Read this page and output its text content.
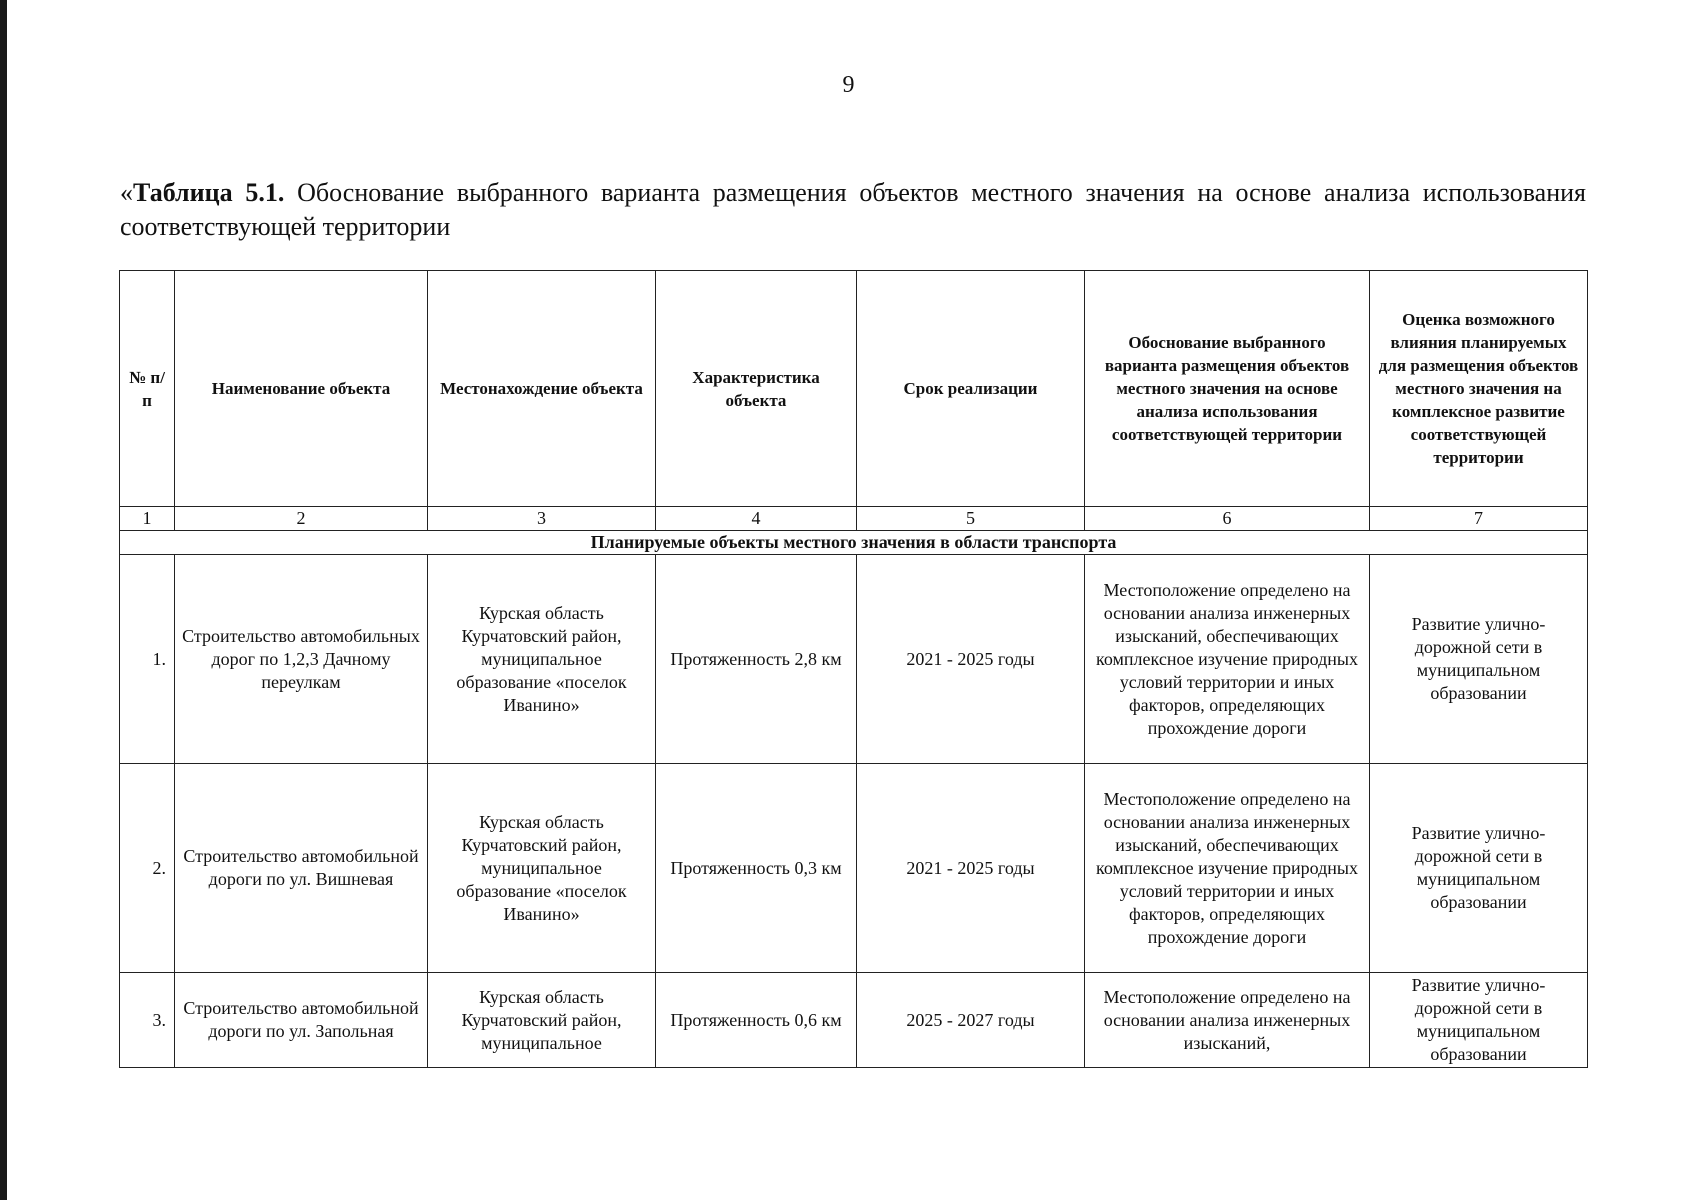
9
«Таблица 5.1. Обоснование выбранного варианта размещения объектов местного значения на основе анализа использования соответствующей территории
№ п/п	Наименование объекта	Местонахождение объекта	Характеристика объекта	Срок реализации	Обоснование выбранного варианта размещения объектов местного значения на основе анализа использования соответствующей территории	Оценка возможного влияния планируемых для размещения объектов местного значения на комплексное развитие соответствующей территории
1	2	3	4	5	6	7
Планируемые объекты местного значения в области транспорта						
1.	Строительство автомобильных дорог по 1,2,3 Дачному переулкам	Курская область Курчатовский район, муниципальное образование «поселок Иванино»	Протяженность 2,8 км	2021 - 2025 годы	Местоположение определено на основании анализа инженерных изысканий, обеспечивающих комплексное изучение природных условий территории и иных факторов, определяющих прохождение дороги	Развитие улично-дорожной сети в муниципальном образовании
2.	Строительство автомобильной дороги по ул. Вишневая	Курская область Курчатовский район, муниципальное образование «поселок Иванино»	Протяженность 0,3 км	2021 - 2025 годы	Местоположение определено на основании анализа инженерных изысканий, обеспечивающих комплексное изучение природных условий территории и иных факторов, определяющих прохождение дороги	Развитие улично-дорожной сети в муниципальном образовании
3.	Строительство автомобильной дороги по ул. Запольная	Курская область Курчатовский район, муниципальное	Протяженность 0,6 км	2025 - 2027 годы	Местоположение определено на основании анализа инженерных изысканий,	Развитие улично-дорожной сети в муниципальном образовании
